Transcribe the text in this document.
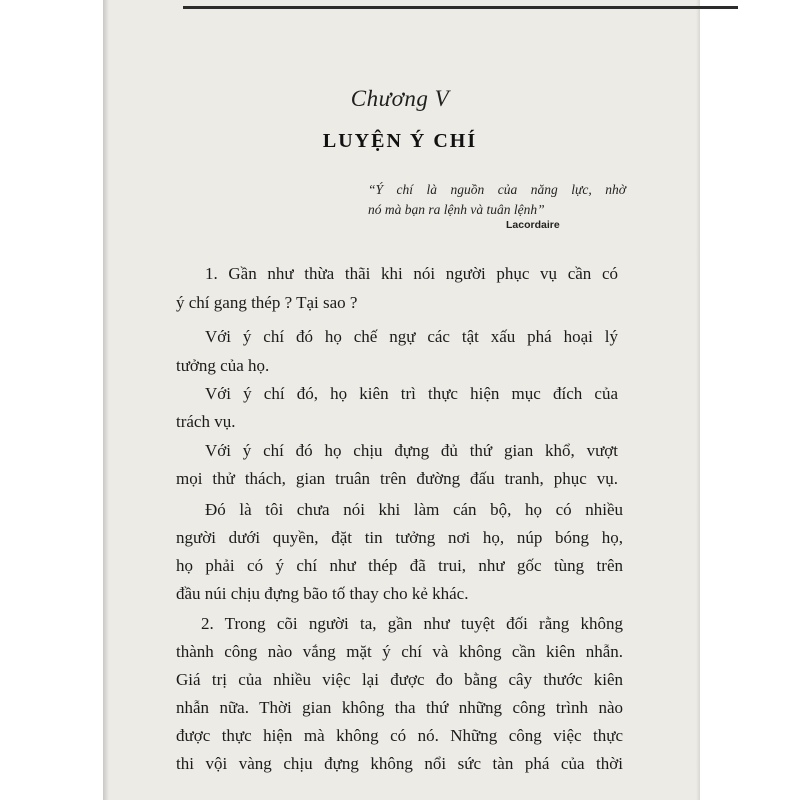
Chương V
LUYỆN Ý CHÍ
“Ý chí là nguồn của năng lực, nhờ
nó mà bạn ra lệnh và tuân lệnh”
Lacordaire
1. Gần như thừa thãi khi nói người phục vụ cần có
ý chí gang thép ? Tại sao ?
Với ý chí đó họ chế ngự các tật xấu phá hoại lý
tưởng của họ.
Với ý chí đó, họ kiên trì thực hiện mục đích của
trách vụ.
Với ý chí đó họ chịu đựng đủ thứ gian khổ, vượt
mọi thử thách, gian truân trên đường đấu tranh, phục vụ.
Đó là tôi chưa nói khi làm cán bộ, họ có nhiều
người dưới quyền, đặt tin tưởng nơi họ, núp bóng họ,
họ phải có ý chí như thép đã trui, như gốc tùng trên
đầu núi chịu đựng bão tố thay cho kẻ khác.
2. Trong cõi người ta, gần như tuyệt đối rằng không
thành công nào vắng mặt ý chí và không cần kiên nhẫn.
Giá trị của nhiều việc lại được đo bằng cây thước kiên
nhẫn nữa. Thời gian không tha thứ những công trình nào
được thực hiện mà không có nó. Những công việc thực
thi vội vàng chịu đựng không nổi sức tàn phá của thời
